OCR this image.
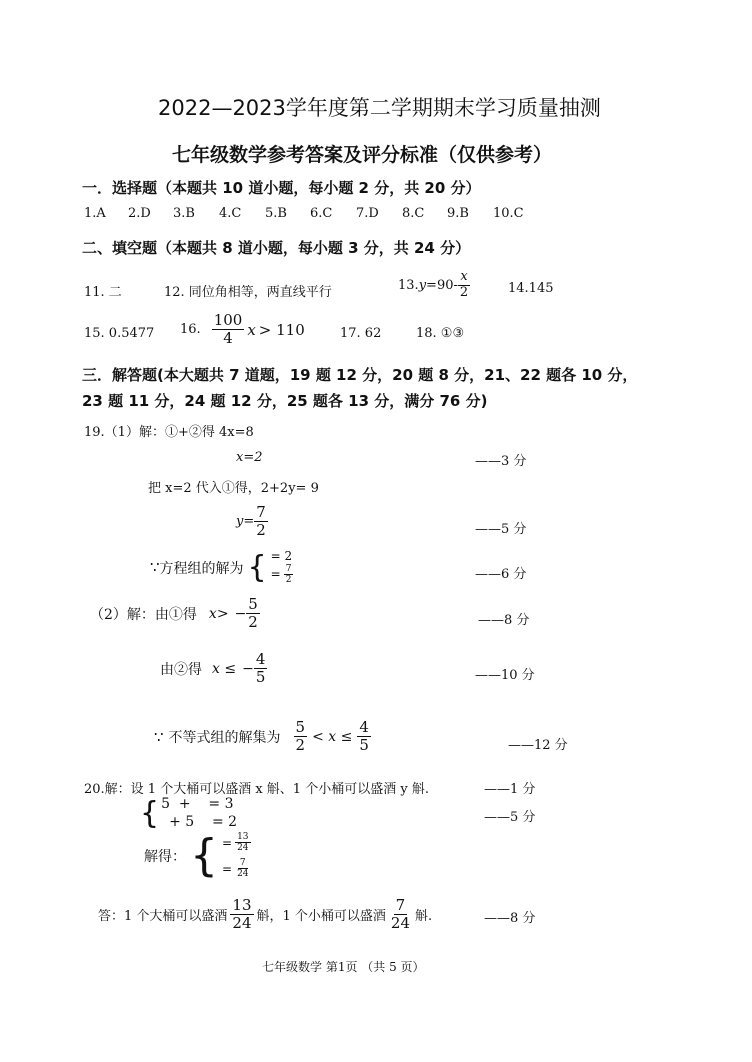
2022—2023学年度第二学期期末学习质量抽测
七年级数学参考答案及评分标准（仅供参考）
一．选择题（本题共 10 道小题，每小题 2 分，共 20 分）
1.A	2.D	3.B	4.C	5.B	6.C	7.D	8.C	9.B	10.C
二、填空题（本题共 8 道小题，每小题 3 分，共 24 分）
11. 二	12. 同位角相等，两直线平行	13. $y =90- \frac{x}{2}$	14.145
15. 0.5477 16. $\frac{100}{4}$ x > 110	17. 62	18. ①③
三．解答题(本大题共 7 道题，19 题 12 分，20 题 8 分，21、22 题各 10 分，
23 题 11 分，24 题 12 分，25 题各 13 分，满分 76 分)
19.（1）解：①+②得 4x=8
x=2	——3 分
把 x=2 代入①得，2+2y= 9
$y= \frac{7}{2}$	——5 分
∵ 方程组的解为 { = 2
= $\frac{7}{2}$	——6 分
（2）解：由①得 $x> - \frac{5}{2}$	——8 分
由②得 x ≤ − $\frac{4}{5}$	——10 分
∵ 不等式组的解集为 $\frac{5}{2} < x \le \frac{4}{5}$	——12 分
20.解：设 1 个大桶可以盛酒 x 斛、1 个小桶可以盛酒 y 斛.	——1 分
{ 5  +    = 3
+ 5    = 2	——5 分
解得： { = $\frac{13}{24}$
= $\frac{7}{24}$
答：1 个大桶可以盛酒 $\frac{13}{24}$ 斛，1 个小桶可以盛酒 $\frac{7}{24}$ 斛.	——8 分
七年级数学 第1页 （共 5 页）
